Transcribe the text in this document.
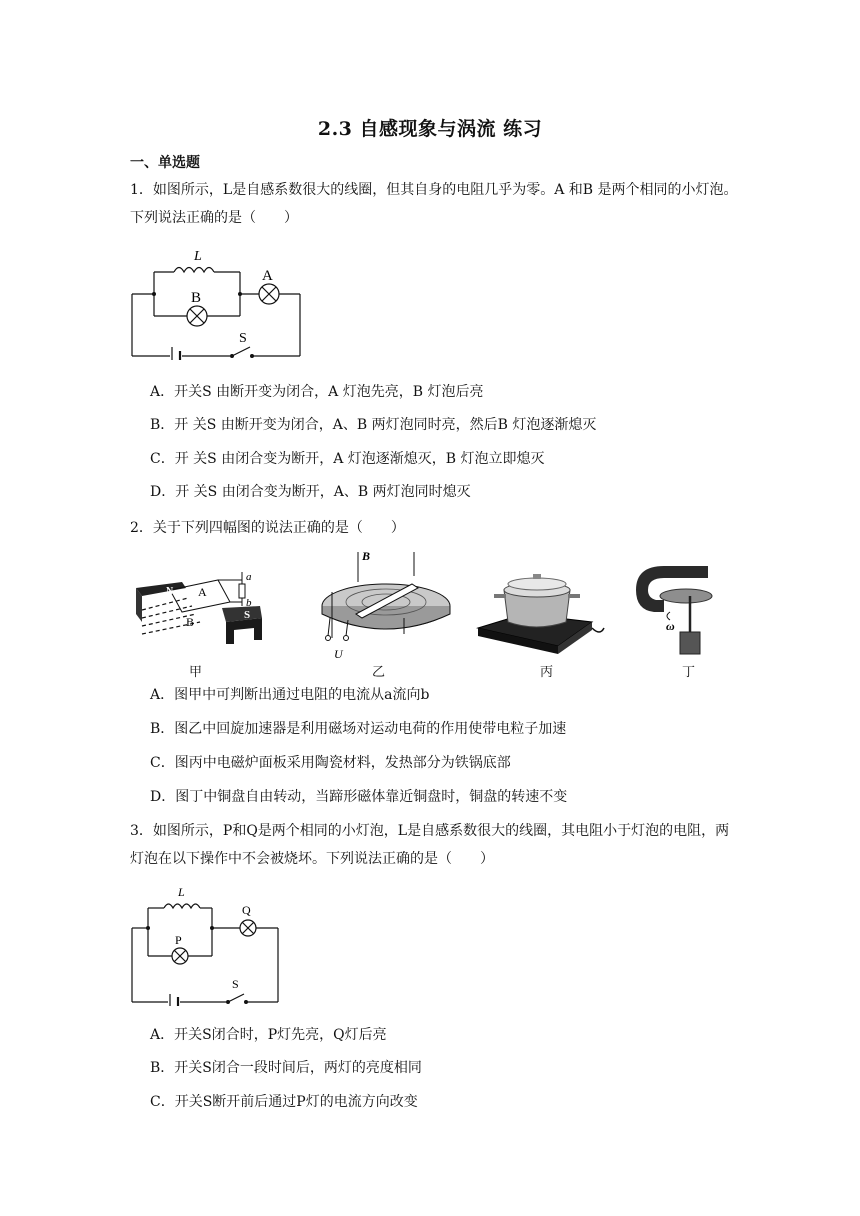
2.3 自感现象与涡流 练习
一、单选题
1．如图所示，L是自感系数很大的线圈，但其自身的电阻几乎为零。A 和B 是两个相同的小灯泡。下列说法正确的是（　　）
L
A
B
S
A．开关S 由断开变为闭合，A 灯泡先亮，B 灯泡后亮
B．开 关S 由断开变为闭合，A、B 两灯泡同时亮，然后B 灯泡逐渐熄灭
C．开 关S 由闭合变为断开，A 灯泡逐渐熄灭，B 灯泡立即熄灭
D．开 关S 由闭合变为断开，A、B 两灯泡同时熄灭
2．关于下列四幅图的说法正确的是（　　）
N
S
A
B
a
b
甲
B
U
乙	丙
ω
丁
A．图甲中可判断出通过电阻的电流从a流向b
B．图乙中回旋加速器是利用磁场对运动电荷的作用使带电粒子加速
C．图丙中电磁炉面板采用陶瓷材料，发热部分为铁锅底部
D．图丁中铜盘自由转动，当蹄形磁体靠近铜盘时，铜盘的转速不变
3．如图所示，P和Q是两个相同的小灯泡，L是自感系数很大的线圈，其电阻小于灯泡的电阻，两灯泡在以下操作中不会被烧坏。下列说法正确的是（　　）
L
Q
P
S
A．开关S闭合时，P灯先亮，Q灯后亮
B．开关S闭合一段时间后，两灯的亮度相同
C．开关S断开前后通过P灯的电流方向改变
